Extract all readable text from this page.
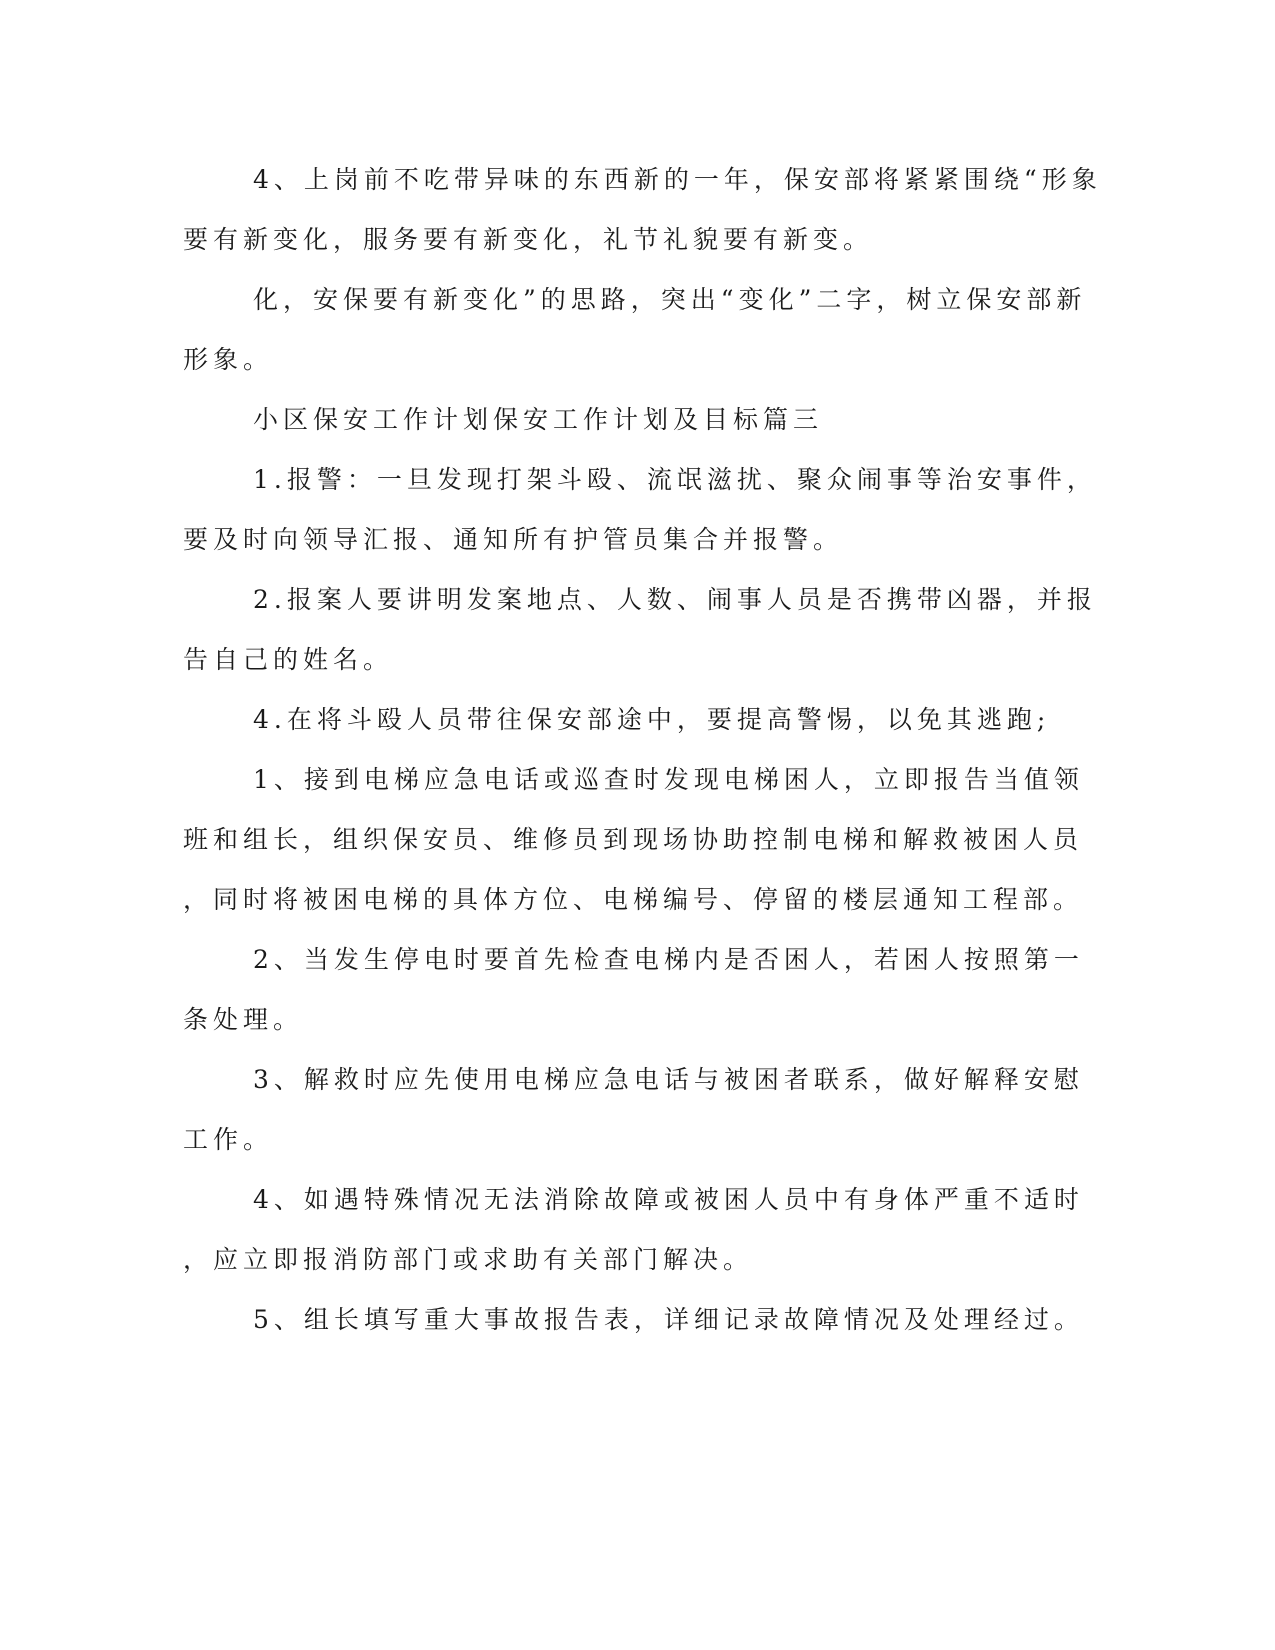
4、上岗前不吃带异味的东西新的一年，保安部将紧紧围绕“形象
要有新变化，服务要有新变化，礼节礼貌要有新变。
化，安保要有新变化”的思路，突出“变化”二字，树立保安部新
形象。
小区保安工作计划保安工作计划及目标篇三
1.报警：一旦发现打架斗殴、流氓滋扰、聚众闹事等治安事件，
要及时向领导汇报、通知所有护管员集合并报警。
2.报案人要讲明发案地点、人数、闹事人员是否携带凶器，并报
告自己的姓名。
4.在将斗殴人员带往保安部途中，要提高警惕，以免其逃跑;
1、接到电梯应急电话或巡查时发现电梯困人，立即报告当值领
班和组长，组织保安员、维修员到现场协助控制电梯和解救被困人员
，同时将被困电梯的具体方位、电梯编号、停留的楼层通知工程部。
2、当发生停电时要首先检查电梯内是否困人，若困人按照第一
条处理。
3、解救时应先使用电梯应急电话与被困者联系，做好解释安慰
工作。
4、如遇特殊情况无法消除故障或被困人员中有身体严重不适时
，应立即报消防部门或求助有关部门解决。
5、组长填写重大事故报告表，详细记录故障情况及处理经过。
